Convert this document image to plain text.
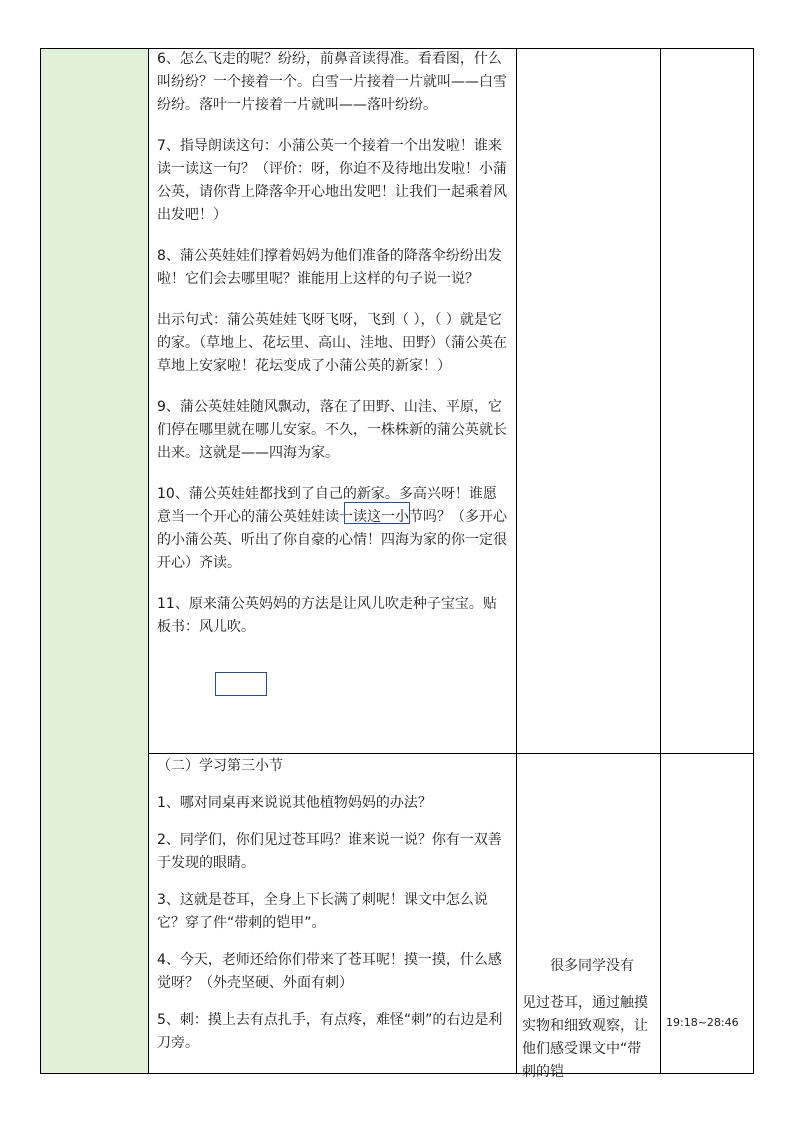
6、怎么飞走的呢？纷纷，前鼻音读得准。看看图，什么叫纷纷？一个接着一个。白雪一片接着一片就叫——白雪纷纷。落叶一片接着一片就叫——落叶纷纷。

7、指导朗读这句：小蒲公英一个接着一个出发啦！谁来读一读这一句？（评价：呀，你迫不及待地出发啦！小蒲公英，请你背上降落伞开心地出发吧！让我们一起乘着风出发吧！）

8、蒲公英娃娃们撑着妈妈为他们准备的降落伞纷纷出发啦！它们会去哪里呢？谁能用上这样的句子说一说？

出示句式：蒲公英娃娃飞呀飞呀，飞到（ ），（ ）就是它的家。（草地上、花坛里、高山、洼地、田野）（蒲公英在草地上安家啦！花坛变成了小蒲公英的新家！）

9、蒲公英娃娃随风飘动，落在了田野、山洼、平原，它们停在哪里就在哪儿安家。不久，一株株新的蒲公英就长出来。这就是——四海为家。

10、蒲公英娃娃都找到了自己的新家。多高兴呀！谁愿意当一个开心的蒲公英娃娃读一读这一小节吗？（多开心的小蒲公英、听出了你自豪的心情！四海为家的你一定很开心）齐读。

11、原来蒲公英妈妈的方法是让风儿吹走种子宝宝。贴板书：风儿吹。

（二）学习第三小节

1、哪对同桌再来说说其他植物妈妈的办法？

2、同学们，你们见过苍耳吗？谁来说一说？你有一双善于发现的眼睛。

3、这就是苍耳，全身上下长满了刺呢！课文中怎么说它？穿了件“带刺的铠甲”。

4、今天，老师还给你们带来了苍耳呢！摸一摸，什么感觉呀？（外壳坚硬、外面有刺）

5、刺：摸上去有点扎手，有点疼，难怪“刺”的右边是利刀旁。

很多同学没有

见过苍耳，通过触摸实物和细致观察，让他们感受课文中“带刺的铠

19:18~28:46
